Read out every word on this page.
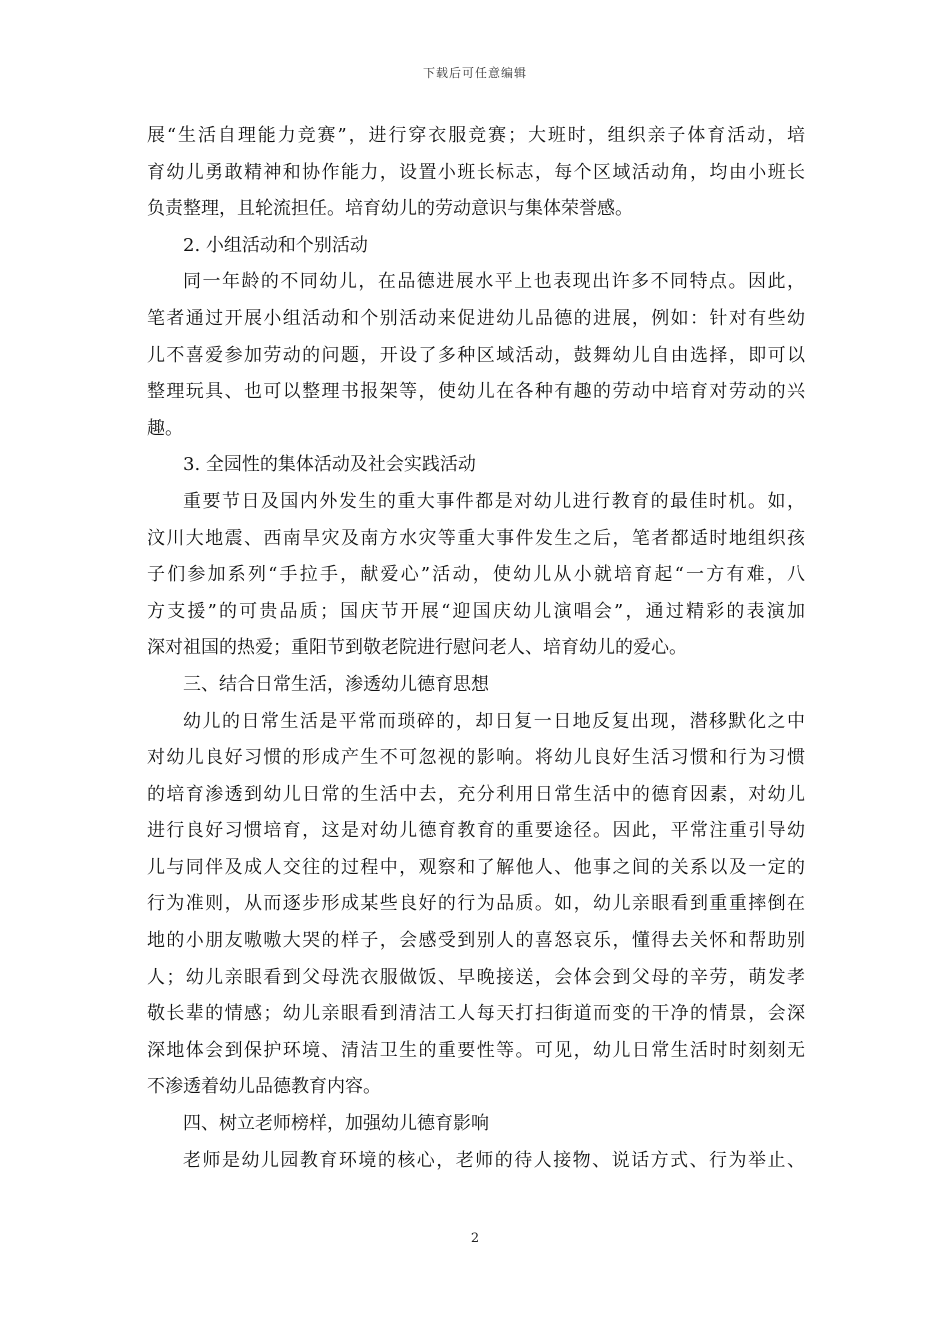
下载后可任意编辑
展“生活自理能力竞赛”，进行穿衣服竞赛；大班时，组织亲子体育活动，培
育幼儿勇敢精神和协作能力，设置小班长标志，每个区域活动角，均由小班长
负责整理，且轮流担任。培育幼儿的劳动意识与集体荣誉感。
2. 小组活动和个别活动
同一年龄的不同幼儿，在品德进展水平上也表现出许多不同特点。因此，
笔者通过开展小组活动和个别活动来促进幼儿品德的进展，例如：针对有些幼
儿不喜爱参加劳动的问题，开设了多种区域活动，鼓舞幼儿自由选择，即可以
整理玩具、也可以整理书报架等，使幼儿在各种有趣的劳动中培育对劳动的兴
趣。
3. 全园性的集体活动及社会实践活动
重要节日及国内外发生的重大事件都是对幼儿进行教育的最佳时机。如，
汶川大地震、西南旱灾及南方水灾等重大事件发生之后，笔者都适时地组织孩
子们参加系列“手拉手，献爱心”活动，使幼儿从小就培育起“一方有难，八
方支援”的可贵品质；国庆节开展“迎国庆幼儿演唱会”，通过精彩的表演加
深对祖国的热爱；重阳节到敬老院进行慰问老人、培育幼儿的爱心。
三、结合日常生活，渗透幼儿德育思想
幼儿的日常生活是平常而琐碎的，却日复一日地反复出现，潜移默化之中
对幼儿良好习惯的形成产生不可忽视的影响。将幼儿良好生活习惯和行为习惯
的培育渗透到幼儿日常的生活中去，充分利用日常生活中的德育因素，对幼儿
进行良好习惯培育，这是对幼儿德育教育的重要途径。因此，平常注重引导幼
儿与同伴及成人交往的过程中，观察和了解他人、他事之间的关系以及一定的
行为准则，从而逐步形成某些良好的行为品质。如，幼儿亲眼看到重重摔倒在
地的小朋友嗷嗷大哭的样子，会感受到别人的喜怒哀乐，懂得去关怀和帮助别
人；幼儿亲眼看到父母洗衣服做饭、早晚接送，会体会到父母的辛劳，萌发孝
敬长辈的情感；幼儿亲眼看到清洁工人每天打扫街道而变的干净的情景，会深
深地体会到保护环境、清洁卫生的重要性等。可见，幼儿日常生活时时刻刻无
不渗透着幼儿品德教育内容。
四、树立老师榜样，加强幼儿德育影响
老师是幼儿园教育环境的核心，老师的待人接物、说话方式、行为举止、
2
